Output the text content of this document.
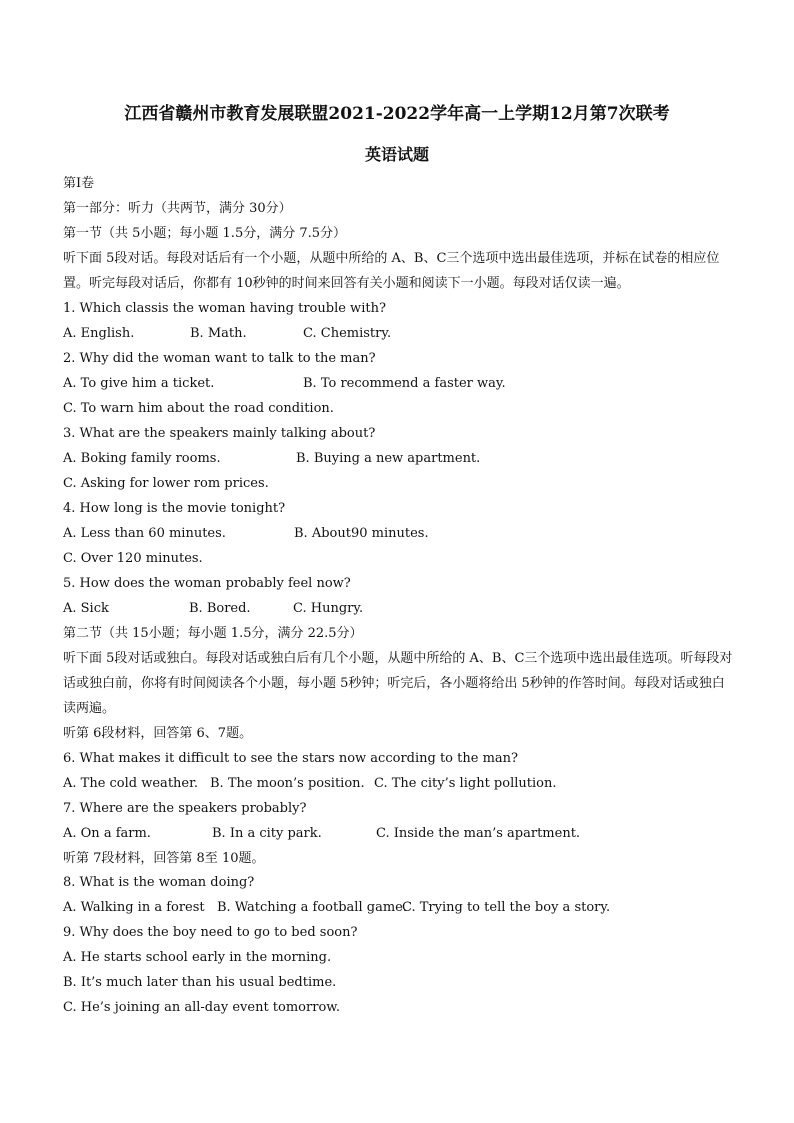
江西省赣州市教育发展联盟2021-2022学年高一上学期12月第7次联考
英语试题
第Ⅰ卷
第一部分：听力（共两节，满分 30分）
第一节（共 5小题；每小题 1.5分，满分 7.5分）
听下面 5段对话。每段对话后有一个小题，从题中所给的 A、B、C三个选项中选出最佳选项，并标在试卷的相应位置。听完每段对话后，你都有 10秒钟的时间来回答有关小题和阅读下一小题。每段对话仅读一遍。
1. Which classis the woman having trouble with?
A. English.	B. Math.	C. Chemistry.
2. Why did the woman want to talk to the man?
A. To give him a ticket.	B. To recommend a faster way.
C. To warn him about the road condition.
3. What are the speakers mainly talking about?
A. Boking family rooms.	B. Buying a new apartment.
C. Asking for lower rom prices.
4. How long is the movie tonight?
A. Less than 60 minutes.	B. About90 minutes.
C. Over 120 minutes.
5. How does the woman probably feel now?
A. Sick	B. Bored.	C. Hungry.
第二节（共 15小题；每小题 1.5分，满分 22.5分）
听下面 5段对话或独白。每段对话或独白后有几个小题，从题中所给的 A、B、C三个选项中选出最佳选项。听每段对话或独白前，你将有时间阅读各个小题，每小题 5秒钟；听完后，各小题将给出 5秒钟的作答时间。每段对话或独白读两遍。
听第 6段材料，回答第 6、7题。
6. What makes it difficult to see the stars now according to the man?
A. The cold weather. B. The moon’s position. C. The city’s light pollution.
7. Where are the speakers probably?
A. On a farm.	B. In a city park.	C. Inside the man’s apartment.
听第 7段材料，回答第 8至 10题。
8. What is the woman doing?
A. Walking in a forest B. Watching a football game.
C. Trying to tell the boy a story.
9. Why does the boy need to go to bed soon?
A. He starts school early in the morning.
B. It’s much later than his usual bedtime.
C. He’s joining an all-day event tomorrow.
